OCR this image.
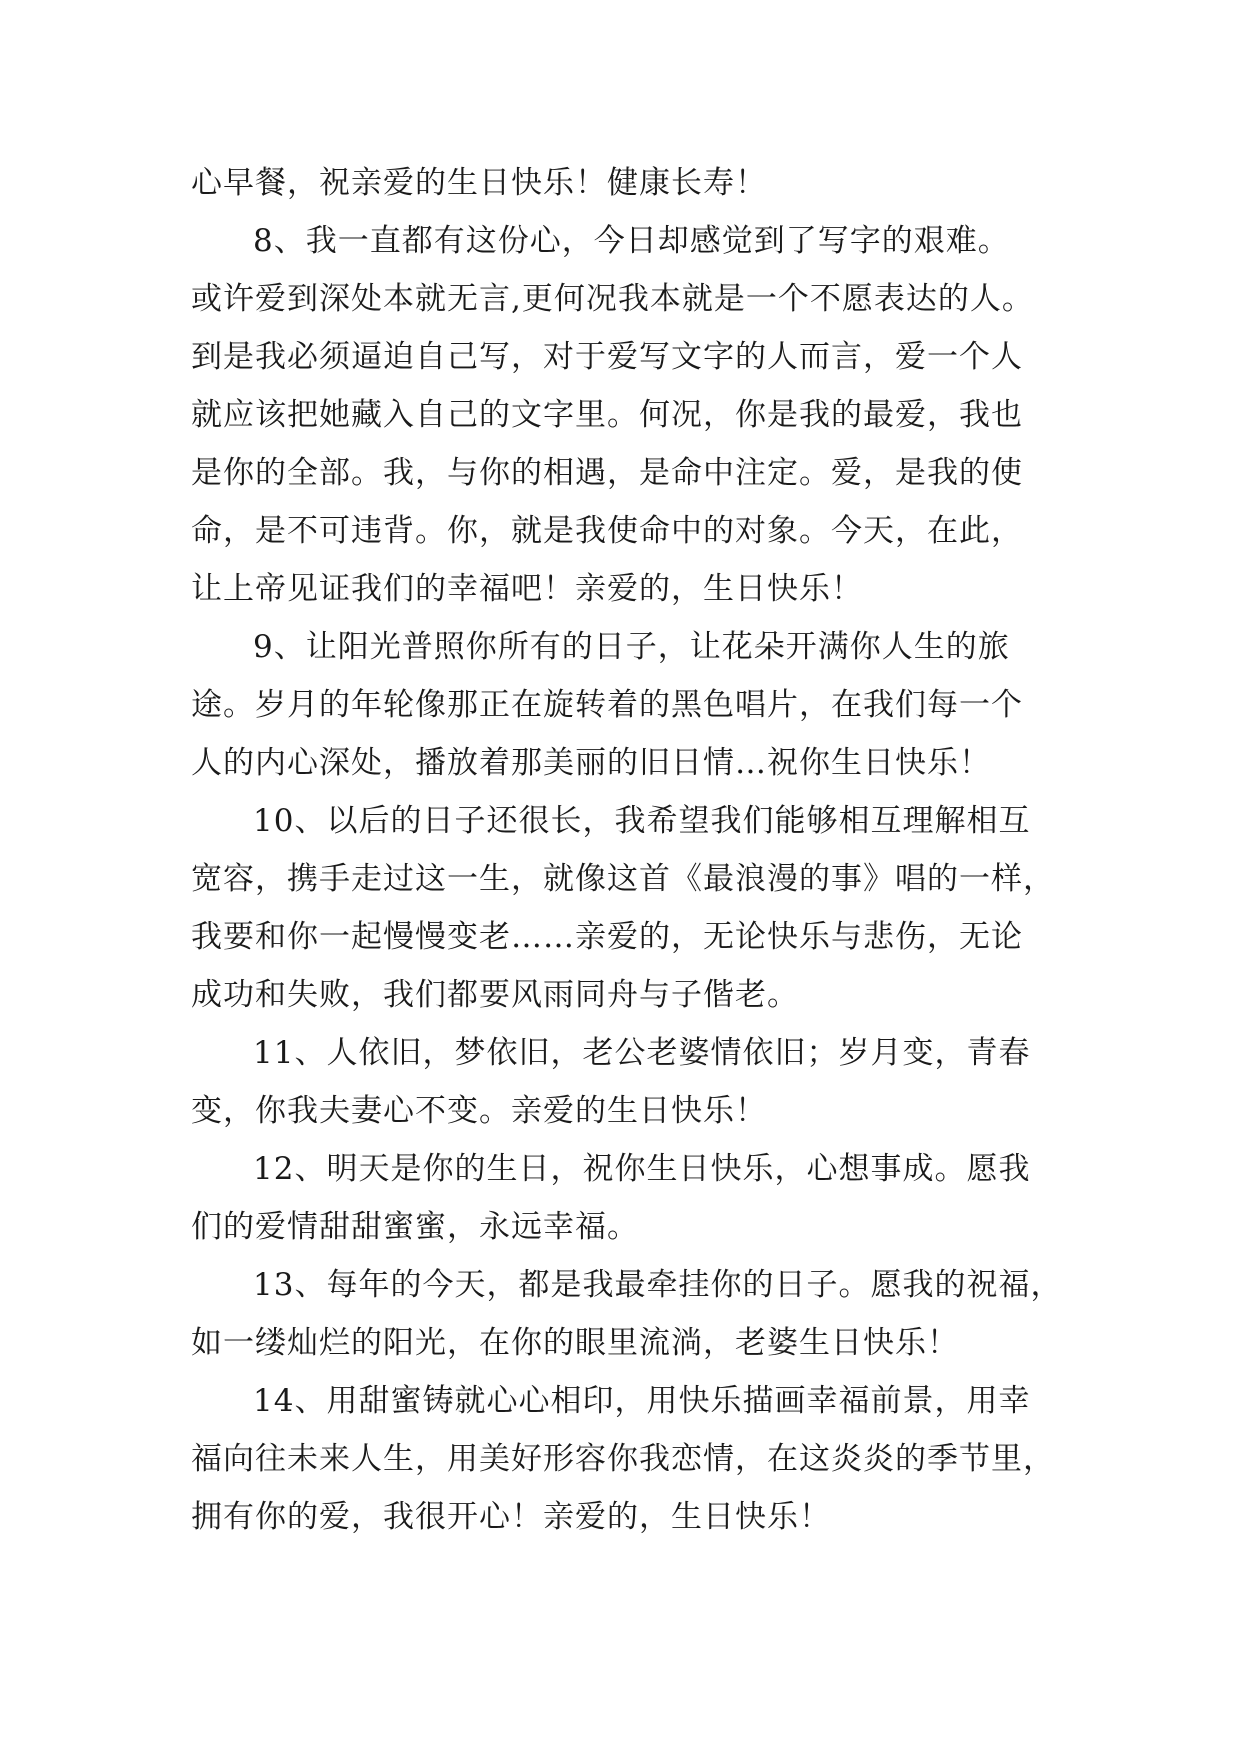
心早餐，祝亲爱的生日快乐！健康长寿！

8、我一直都有这份心，今日却感觉到了写字的艰难。
或许爱到深处本就无言,更何况我本就是一个不愿表达的人。
到是我必须逼迫自己写，对于爱写文字的人而言，爱一个人
就应该把她藏入自己的文字里。何况，你是我的最爱，我也
是你的全部。我，与你的相遇，是命中注定。爱，是我的使
命，是不可违背。你，就是我使命中的对象。今天，在此，
让上帝见证我们的幸福吧！亲爱的，生日快乐！

9、让阳光普照你所有的日子，让花朵开满你人生的旅
途。岁月的年轮像那正在旋转着的黑色唱片，在我们每一个
人的内心深处，播放着那美丽的旧日情…祝你生日快乐！

10、以后的日子还很长，我希望我们能够相互理解相互
宽容，携手走过这一生，就像这首《最浪漫的事》唱的一样，
我要和你一起慢慢变老……亲爱的，无论快乐与悲伤，无论
成功和失败，我们都要风雨同舟与子偕老。

11、人依旧，梦依旧，老公老婆情依旧；岁月变，青春
变，你我夫妻心不变。亲爱的生日快乐！

12、明天是你的生日，祝你生日快乐，心想事成。愿我
们的爱情甜甜蜜蜜，永远幸福。

13、每年的今天，都是我最牵挂你的日子。愿我的祝福，
如一缕灿烂的阳光，在你的眼里流淌，老婆生日快乐！

14、用甜蜜铸就心心相印，用快乐描画幸福前景，用幸
福向往未来人生，用美好形容你我恋情，在这炎炎的季节里，
拥有你的爱，我很开心！亲爱的，生日快乐！
